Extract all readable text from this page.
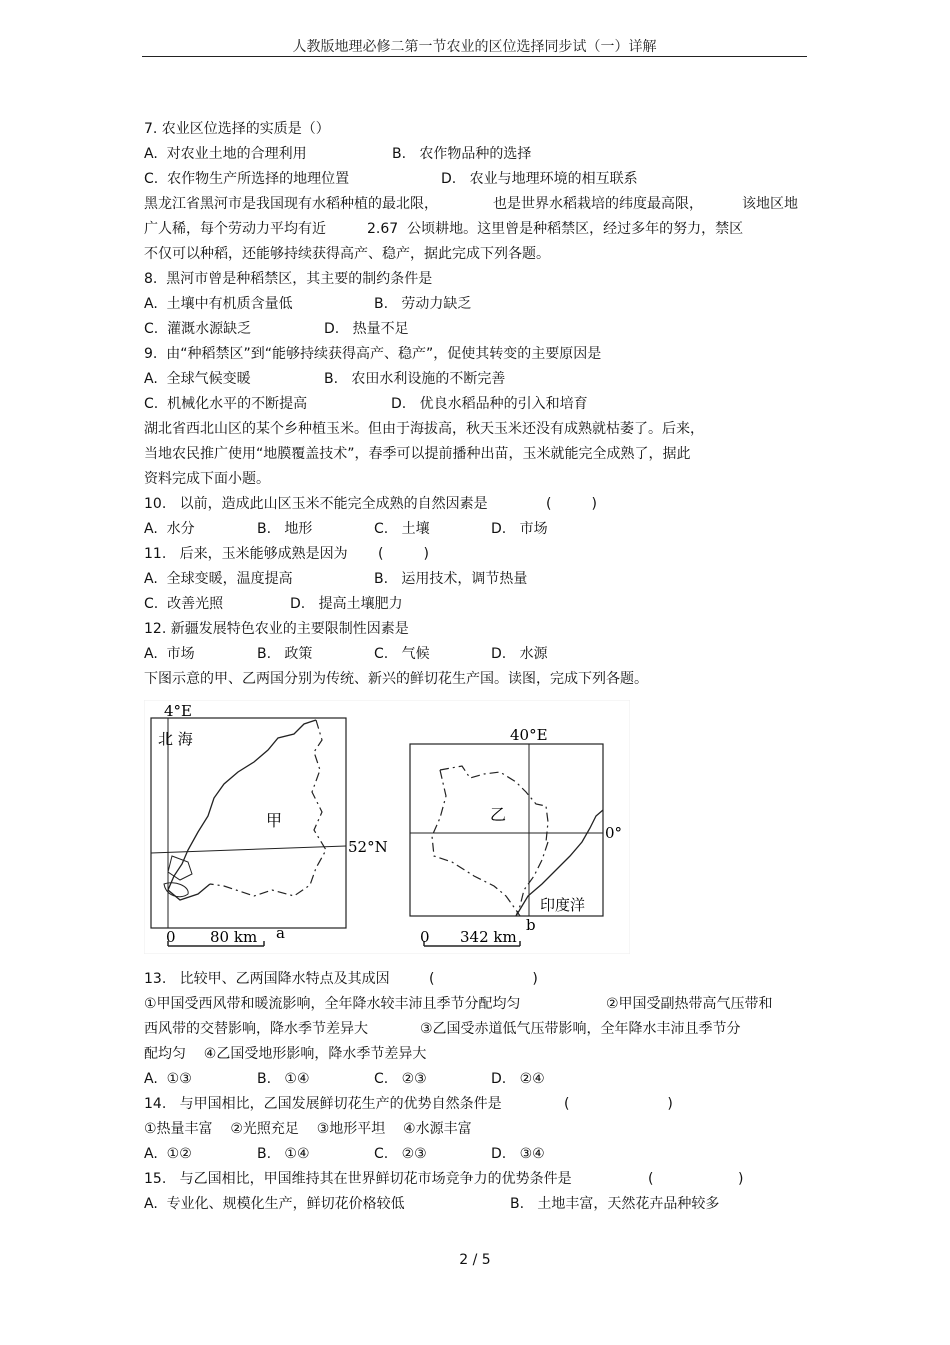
人教版地理必修二第一节农业的区位选择同步试（一）详解
7. 农业区位选择的实质是（）
A.  对农业土地的合理利用	B.   农作物品种的选择
C.  农作物生产所选择的地理位置	D.   农业与地理环境的相互联系
黑龙江省黑河市是我国现有水稻种植的最北限，	也是世界水稻栽培的纬度最高限，	该地区地
广人稀，每个劳动力平均有近	2.67  公顷耕地。这里曾是种稻禁区，经过多年的努力，禁区
不仅可以种稻，还能够持续获得高产、稳产，据此完成下列各题。
8.  黑河市曾是种稻禁区，其主要的制约条件是
A.  土壤中有机质含量低	B.   劳动力缺乏
C.  灌溉水源缺乏	D.   热量不足
9.  由“种稻禁区”到“能够持续获得高产、稳产”，促使其转变的主要原因是
A.  全球气候变暖	B.   农田水利设施的不断完善
C.  机械化水平的不断提高	D.   优良水稻品种的引入和培育
湖北省西北山区的某个乡种植玉米。但由于海拔高，秋天玉米还没有成熟就枯萎了。后来，
当地农民推广使用“地膜覆盖技术”，春季可以提前播种出苗，玉米就能完全成熟了，据此
资料完成下面小题。
10.   以前，造成此山区玉米不能完全成熟的自然因素是	(         )
A.  水分	B.   地形	C.   土壤	D.   市场
11.   后来，玉米能够成熟是因为 (         )
A.  全球变暖，温度提高	B.   运用技术，调节热量
C.  改善光照	D.   提高土壤肥力
12. 新疆发展特色农业的主要限制性因素是
A.  市场	B.   政策	C.   气候	D.   水源
下图示意的甲、乙两国分别为传统、新兴的鲜切花生产国。读图，完成下列各题。
13.   比较甲、乙两国降水特点及其成因	(                      )
①甲国受西风带和暖流影响，全年降水较丰沛且季节分配均匀	②甲国受副热带高气压带和
西风带的交替影响，降水季节差异大	③乙国受赤道低气压带影响，全年降水丰沛且季节分
配均匀    ④乙国受地形影响，降水季节差异大
A.  ①③	B.   ①④	C.   ②③	D.   ②④
14.   与甲国相比，乙国发展鲜切花生产的优势自然条件是	(                      )
①热量丰富    ②光照充足    ③地形平坦    ④水源丰富
A.  ①②	B.   ①④	C.   ②③	D.   ③④
15.   与乙国相比，甲国维持其在世界鲜切花市场竞争力的优势条件是	(                   )
A.  专业化、规模化生产，鲜切花价格较低	B.   土地丰富，天然花卉品种较多
4°E
北 海
甲
52°N
0 80 km a
40°E
乙
0°
印度洋
0 342 km
b
2 / 5
